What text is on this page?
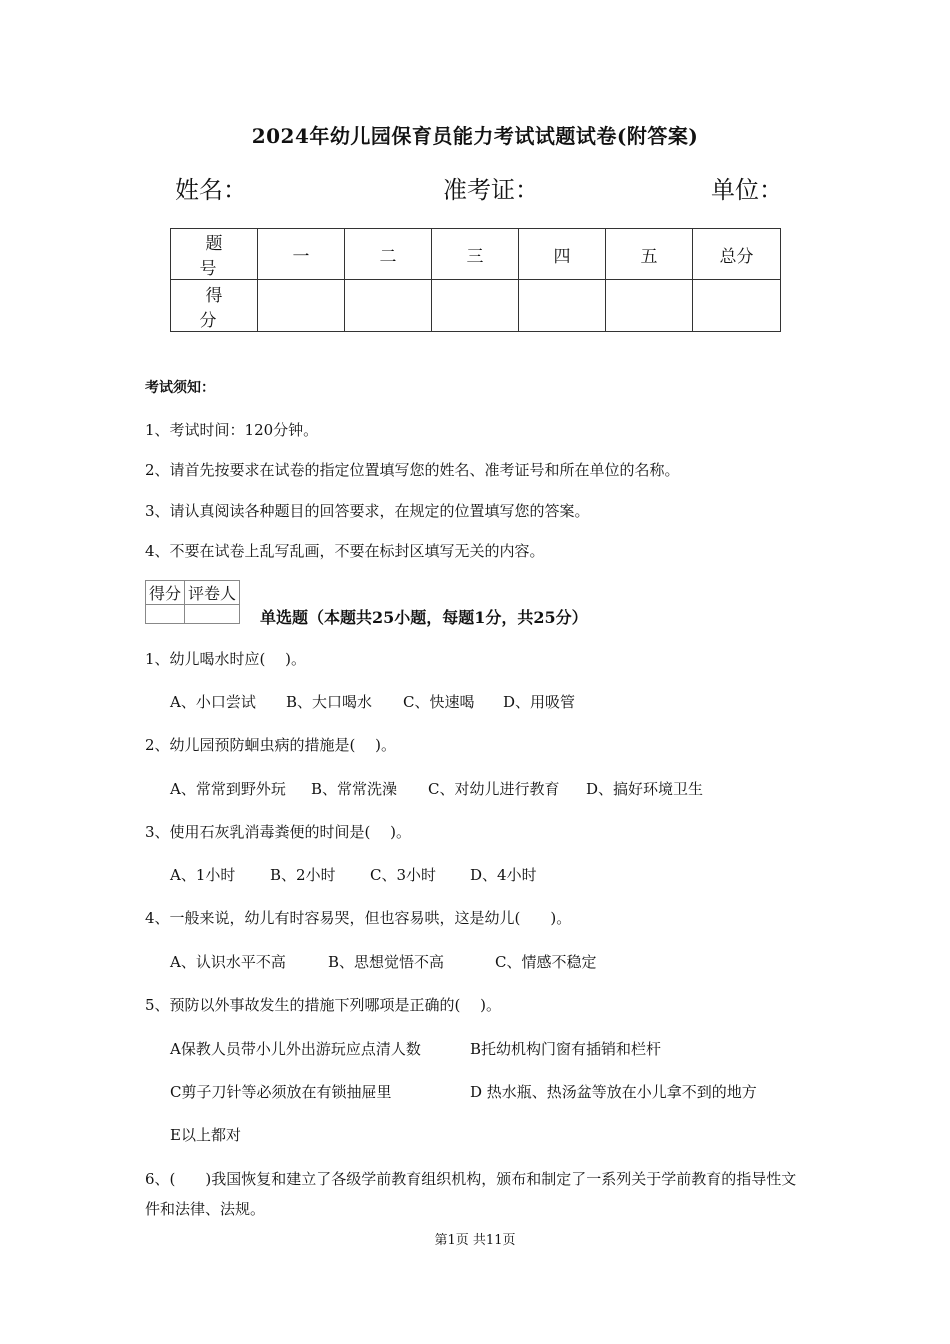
2024年幼儿园保育员能力考试试题试卷(附答案)
姓名：	准考证：	单位：
题　号	一	二	三	四	五	总分
得　分						
考试须知：
1、考试时间：120分钟。
2、请首先按要求在试卷的指定位置填写您的姓名、准考证号和所在单位的名称。
3、请认真阅读各种题目的回答要求，在规定的位置填写您的答案。
4、不要在试卷上乱写乱画，不要在标封区填写无关的内容。
得分	评卷人

单选题（本题共25小题，每题1分，共25分）
1、幼儿喝水时应(　 )。
A、小口尝试 B、大口喝水 C、快速喝 D、用吸管
2、幼儿园预防蛔虫病的措施是(　 )。
A、常常到野外玩 B、常常洗澡 C、对幼儿进行教育 D、搞好环境卫生
3、使用石灰乳消毒粪便的时间是(　 )。
A、1小时 B、2小时 C、3小时 D、4小时
4、一般来说，幼儿有时容易哭，但也容易哄，这是幼儿(　　)。
A、认识水平不高	B、思想觉悟不高	C、情感不稳定
5、预防以外事故发生的措施下列哪项是正确的(　 )。
A保教人员带小儿外出游玩应点清人数	B托幼机构门窗有插销和栏杆
C剪子刀针等必须放在有锁抽屉里	D 热水瓶、热汤盆等放在小儿拿不到的地方
E以上都对
6、(　　)我国恢复和建立了各级学前教育组织机构，颁布和制定了一系列关于学前教育的指导性文件和法律、法规。
第1页 共11页
